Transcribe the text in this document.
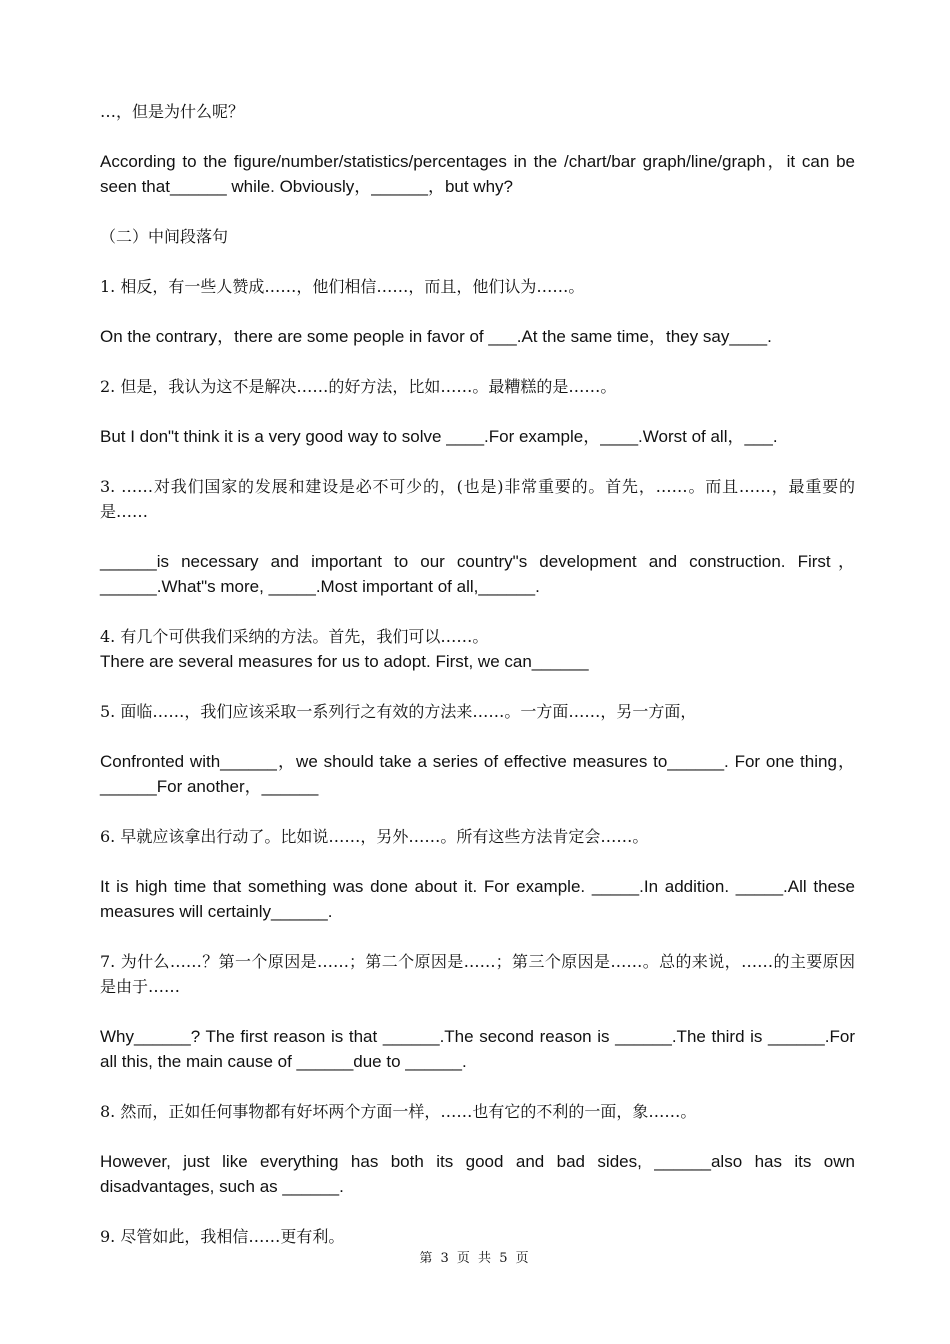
…，但是为什么呢？

According to the figure/number/statistics/percentages in the /chart/bar graph/line/graph，it can be seen that______ while. Obviously，______，but why?

（二）中间段落句

1. 相反，有一些人赞成……，他们相信……，而且，他们认为……。

On the contrary，there are some people in favor of ___.At the same time，they say____.

2. 但是，我认为这不是解决……的好方法，比如……。最糟糕的是……。

But I don"t think it is a very good way to solve ____.For example，____.Worst of all，___.

3. ……对我们国家的发展和建设是必不可少的，(也是)非常重要的。首先，……。而且……，最重要的是……

______is necessary and important to our country"s development and construction. First，______.What"s more, _____.Most important of all,______.

4. 有几个可供我们采纳的方法。首先，我们可以……。

There are several measures for us to adopt. First, we can______

5. 面临……，我们应该采取一系列行之有效的方法来……。一方面……，另一方面，

Confronted with______，we should take a series of effective measures to______. For one thing，______For another，______

6. 早就应该拿出行动了。比如说……，另外……。所有这些方法肯定会……。

It is high time that something was done about it. For example. _____.In addition. _____.All these measures will certainly______.

7. 为什么……？第一个原因是……；第二个原因是……；第三个原因是……。总的来说，……的主要原因是由于……

Why______? The first reason is that ______.The second reason is ______.The third is ______.For all this, the main cause of ______due to ______.

8. 然而，正如任何事物都有好坏两个方面一样，……也有它的不利的一面，象……。

However, just like everything has both its good and bad sides, ______also has its own disadvantages, such as ______.

9. 尽管如此，我相信……更有利。

第 3 页 共 5 页
